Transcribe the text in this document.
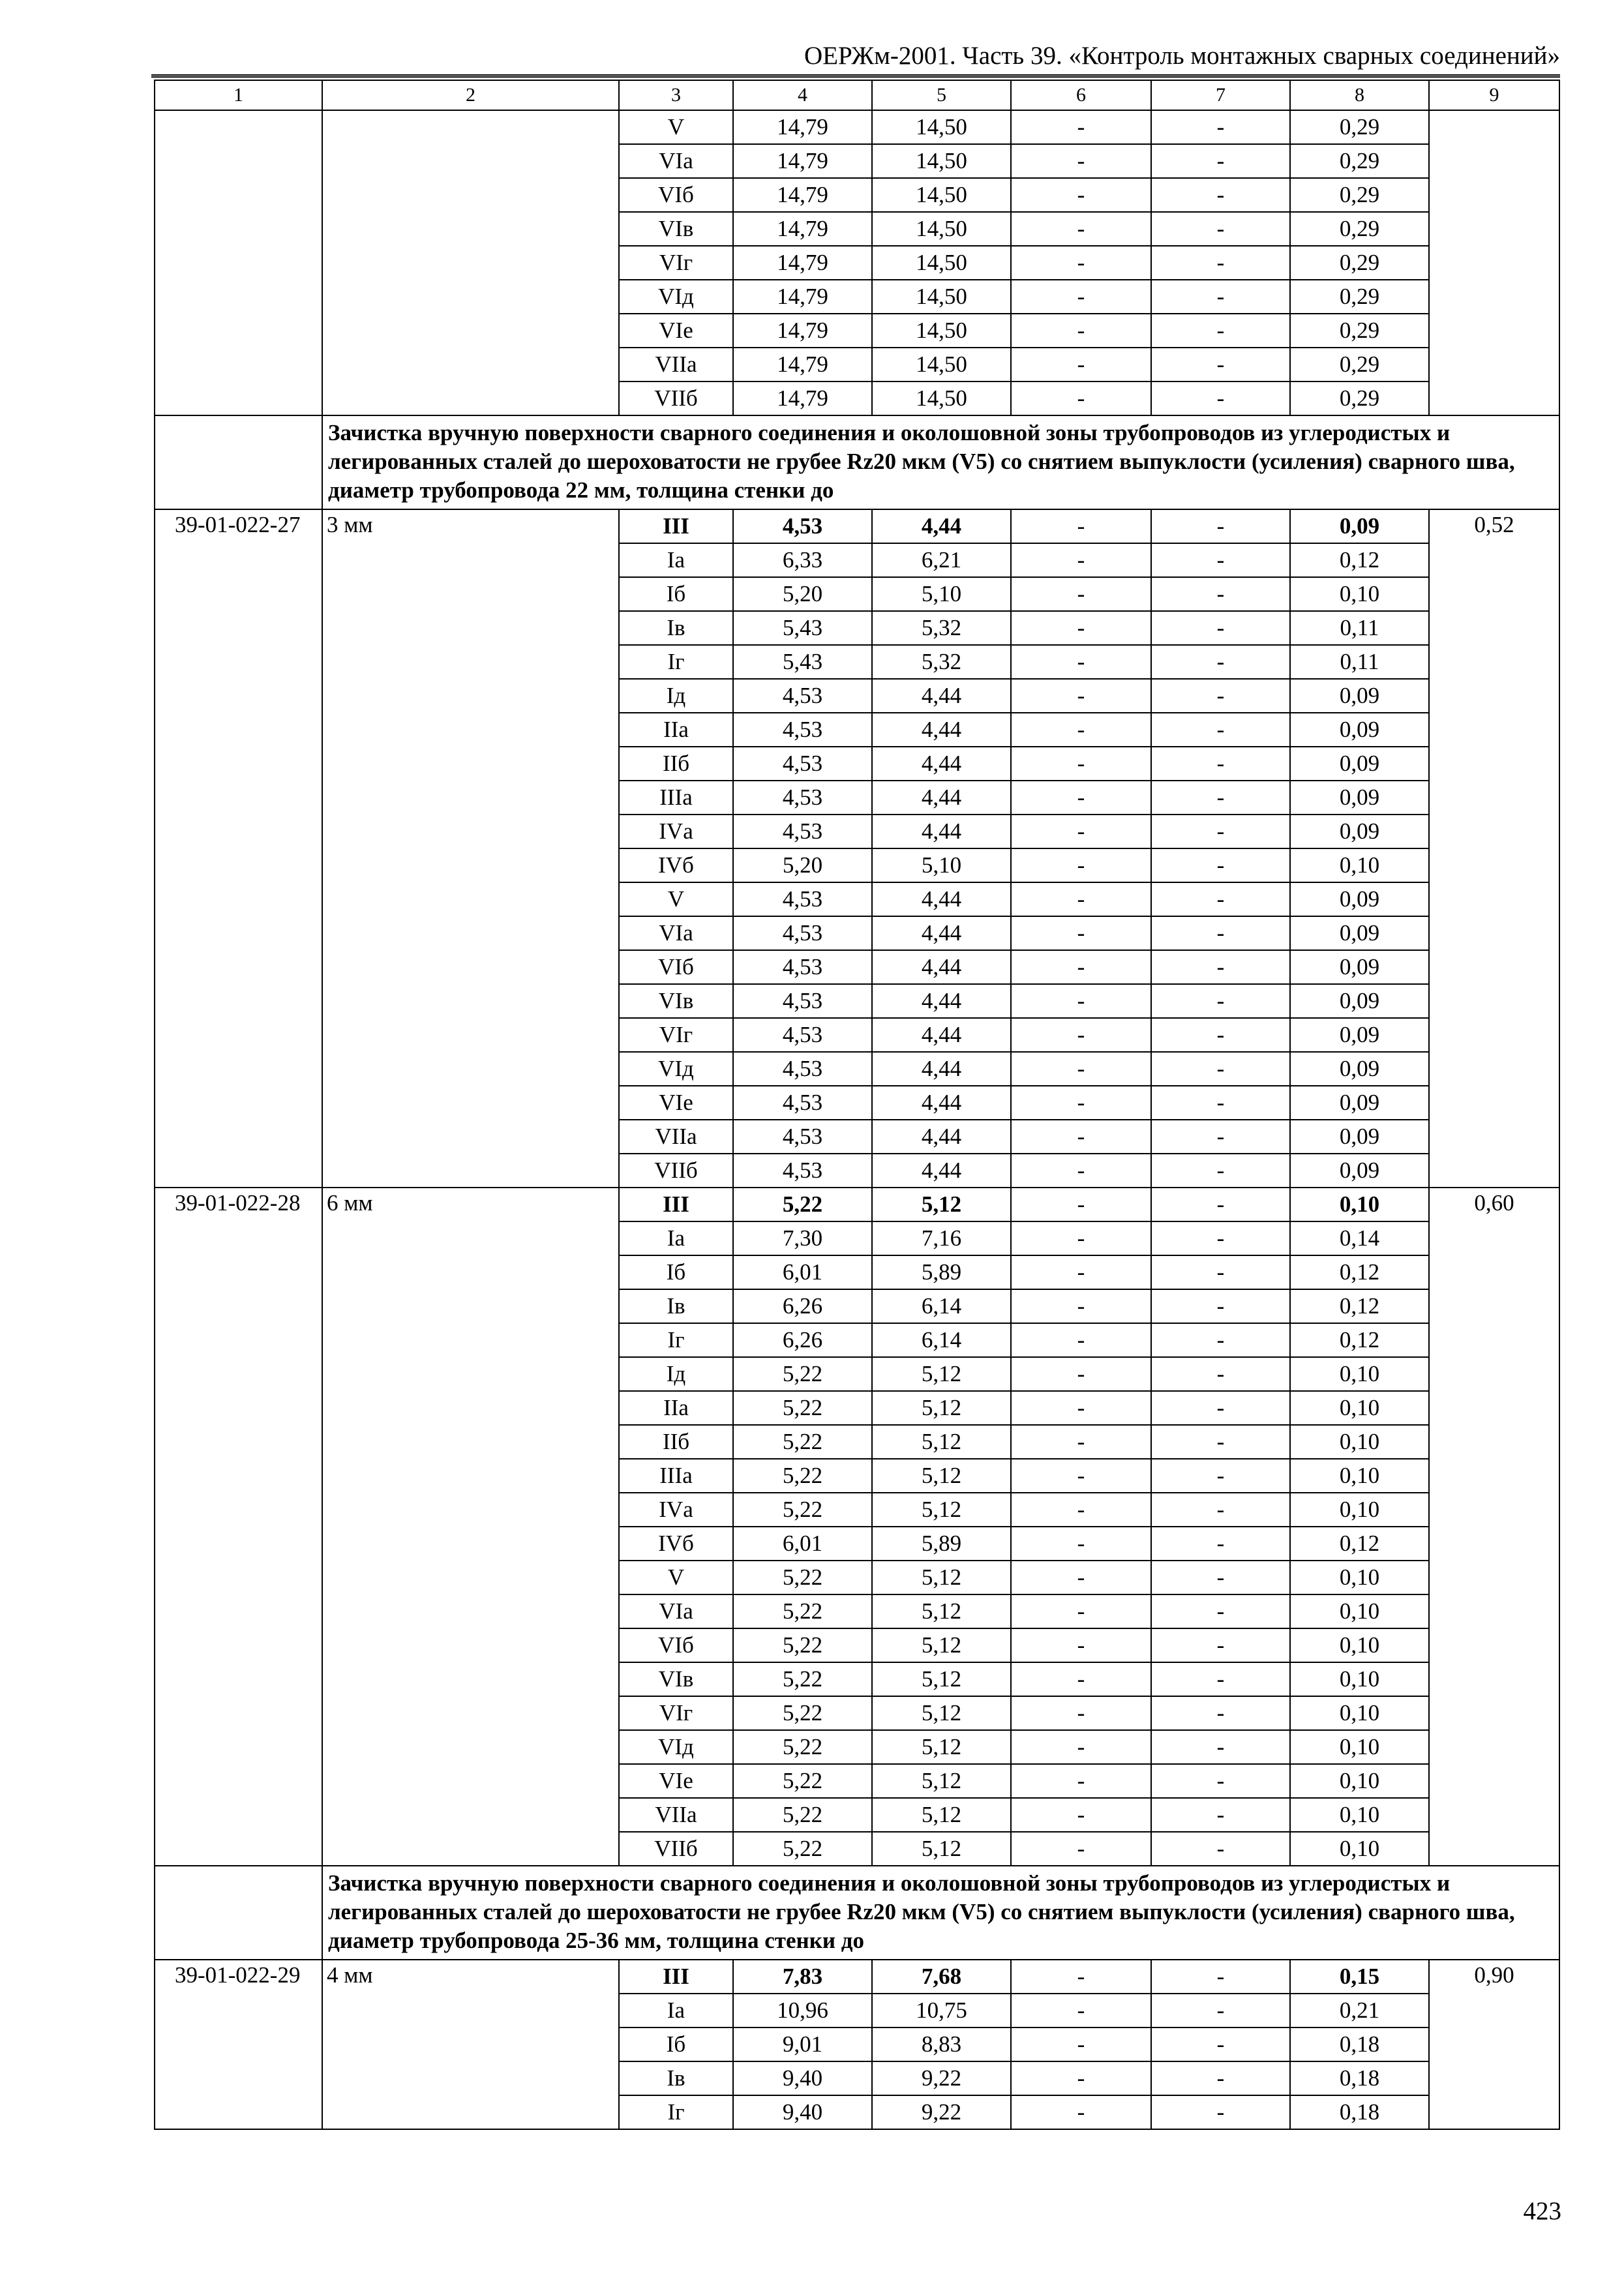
ОЕРЖм-2001. Часть 39. «Контроль монтажных сварных соединений»
1	2	3	4	5	6	7	8	9
		V	14,79	14,50	-	-	0,29	
		VIа	14,79	14,50	-	-	0,29	
		VIб	14,79	14,50	-	-	0,29	
		VIв	14,79	14,50	-	-	0,29	
		VIг	14,79	14,50	-	-	0,29	
		VIд	14,79	14,50	-	-	0,29	
		VIе	14,79	14,50	-	-	0,29	
		VIIа	14,79	14,50	-	-	0,29	
		VIIб	14,79	14,50	-	-	0,29	
	Зачистка вручную поверхности сварного соединения и околошовной зоны трубопроводов из углеродистых и легированных сталей до шероховатости не грубее Rz20 мкм (V5) со снятием выпуклости (усиления) сварного шва, диаметр трубопровода 22 мм, толщина стенки до							
39-01-022-27	3 мм	III	4,53	4,44	-	-	0,09	0,52
		Iа	6,33	6,21	-	-	0,12	
		Iб	5,20	5,10	-	-	0,10	
		Iв	5,43	5,32	-	-	0,11	
		Iг	5,43	5,32	-	-	0,11	
		Iд	4,53	4,44	-	-	0,09	
		IIа	4,53	4,44	-	-	0,09	
		IIб	4,53	4,44	-	-	0,09	
		IIIа	4,53	4,44	-	-	0,09	
		IVа	4,53	4,44	-	-	0,09	
		IVб	5,20	5,10	-	-	0,10	
		V	4,53	4,44	-	-	0,09	
		VIа	4,53	4,44	-	-	0,09	
		VIб	4,53	4,44	-	-	0,09	
		VIв	4,53	4,44	-	-	0,09	
		VIг	4,53	4,44	-	-	0,09	
		VIд	4,53	4,44	-	-	0,09	
		VIе	4,53	4,44	-	-	0,09	
		VIIа	4,53	4,44	-	-	0,09	
		VIIб	4,53	4,44	-	-	0,09	
39-01-022-28	6 мм	III	5,22	5,12	-	-	0,10	0,60
		Iа	7,30	7,16	-	-	0,14	
		Iб	6,01	5,89	-	-	0,12	
		Iв	6,26	6,14	-	-	0,12	
		Iг	6,26	6,14	-	-	0,12	
		Iд	5,22	5,12	-	-	0,10	
		IIа	5,22	5,12	-	-	0,10	
		IIб	5,22	5,12	-	-	0,10	
		IIIа	5,22	5,12	-	-	0,10	
		IVа	5,22	5,12	-	-	0,10	
		IVб	6,01	5,89	-	-	0,12	
		V	5,22	5,12	-	-	0,10	
		VIа	5,22	5,12	-	-	0,10	
		VIб	5,22	5,12	-	-	0,10	
		VIв	5,22	5,12	-	-	0,10	
		VIг	5,22	5,12	-	-	0,10	
		VIд	5,22	5,12	-	-	0,10	
		VIе	5,22	5,12	-	-	0,10	
		VIIа	5,22	5,12	-	-	0,10	
		VIIб	5,22	5,12	-	-	0,10	
	Зачистка вручную поверхности сварного соединения и околошовной зоны трубопроводов из углеродистых и легированных сталей до шероховатости не грубее Rz20 мкм (V5) со снятием выпуклости (усиления) сварного шва, диаметр трубопровода 25-36 мм, толщина стенки до							
39-01-022-29	4 мм	III	7,83	7,68	-	-	0,15	0,90
		Iа	10,96	10,75	-	-	0,21	
		Iб	9,01	8,83	-	-	0,18	
		Iв	9,40	9,22	-	-	0,18	
		Iг	9,40	9,22	-	-	0,18	
423
